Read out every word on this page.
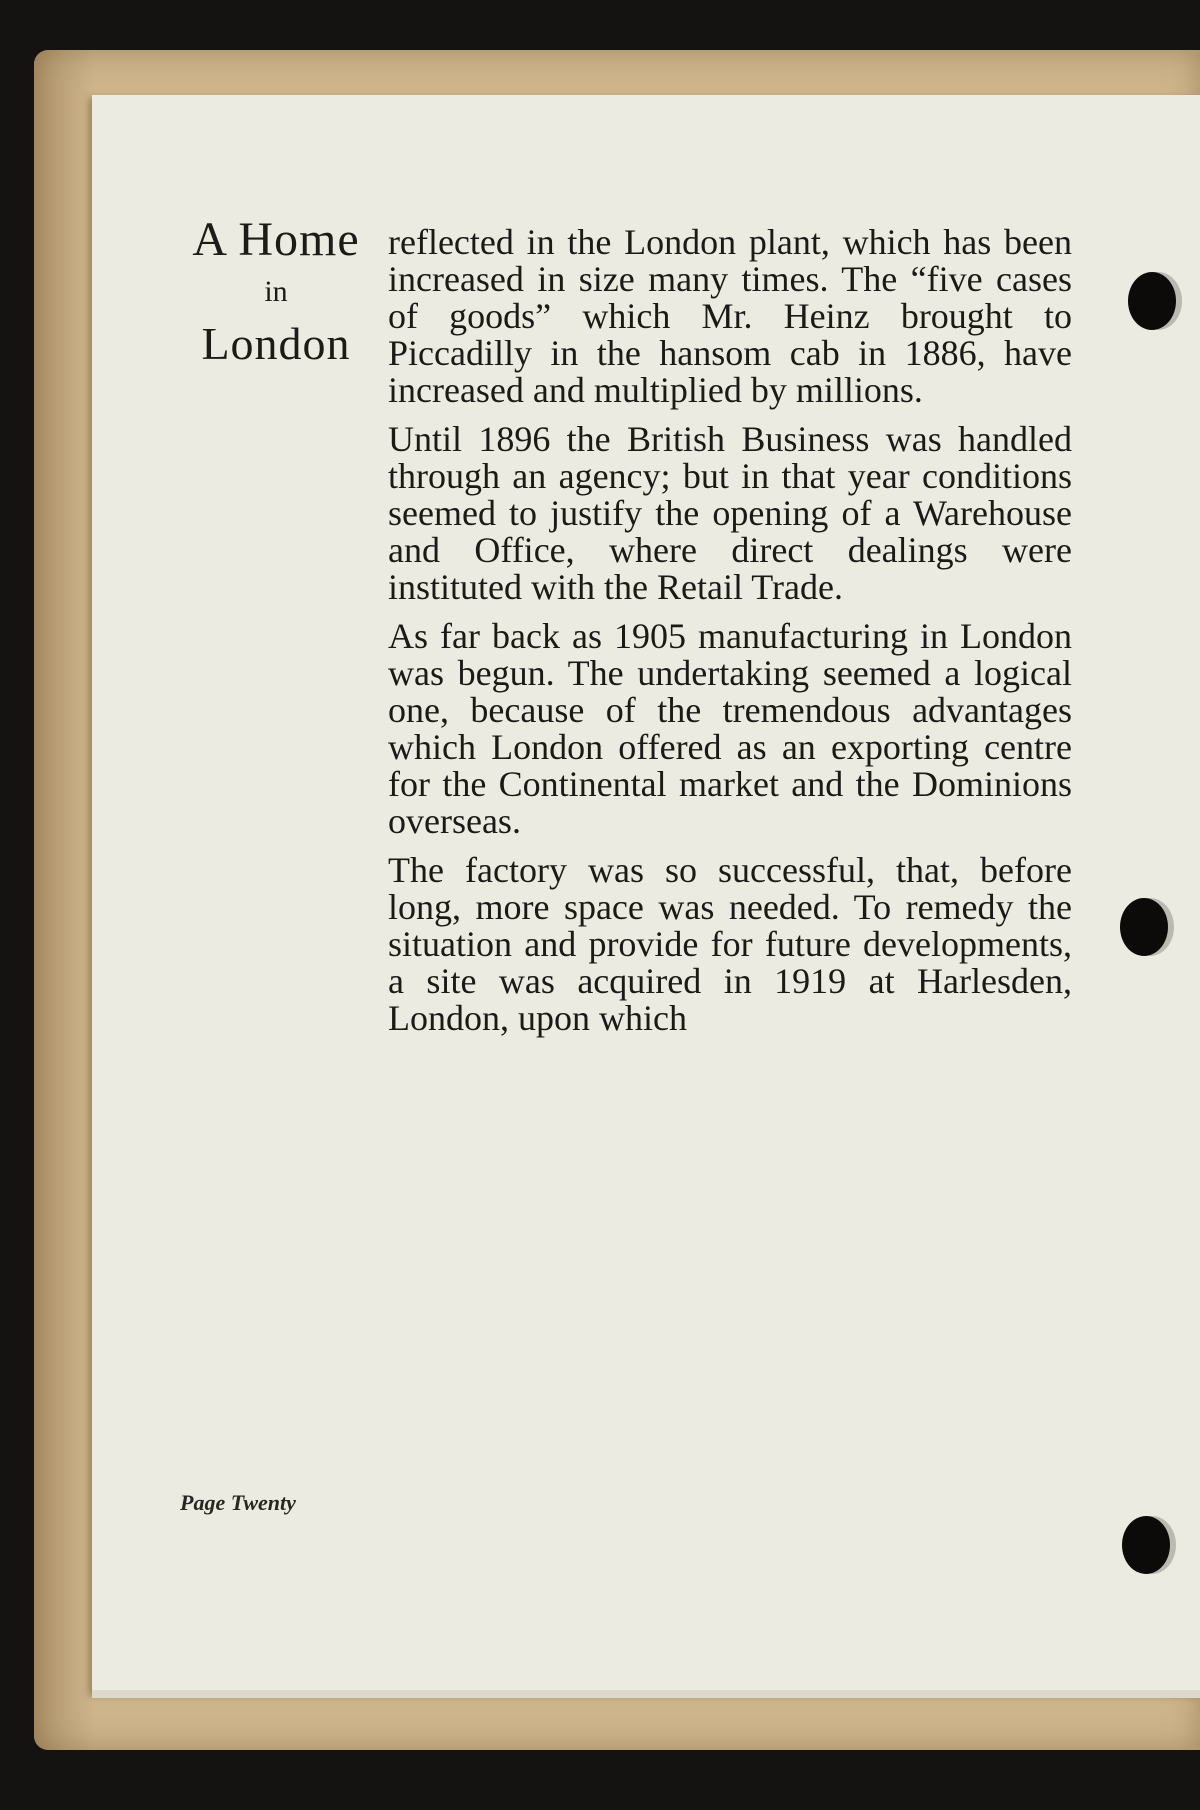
A Home
in
London

reflected in the London plant, which has been increased in size many times. The “five cases of goods” which Mr. Heinz brought to Piccadilly in the hansom cab in 1886, have increased and multiplied by millions.

Until 1896 the British Business was handled through an agency; but in that year conditions seemed to justify the opening of a Warehouse and Office, where direct dealings were instituted with the Retail Trade.

As far back as 1905 manufacturing in London was begun. The undertaking seemed a logical one, because of the tremendous advantages which London offered as an exporting centre for the Continental market and the Dominions overseas.

The factory was so successful, that, before long, more space was needed. To remedy the situation and provide for future developments, a site was acquired in 1919 at Harlesden, London, upon which

Page Twenty
